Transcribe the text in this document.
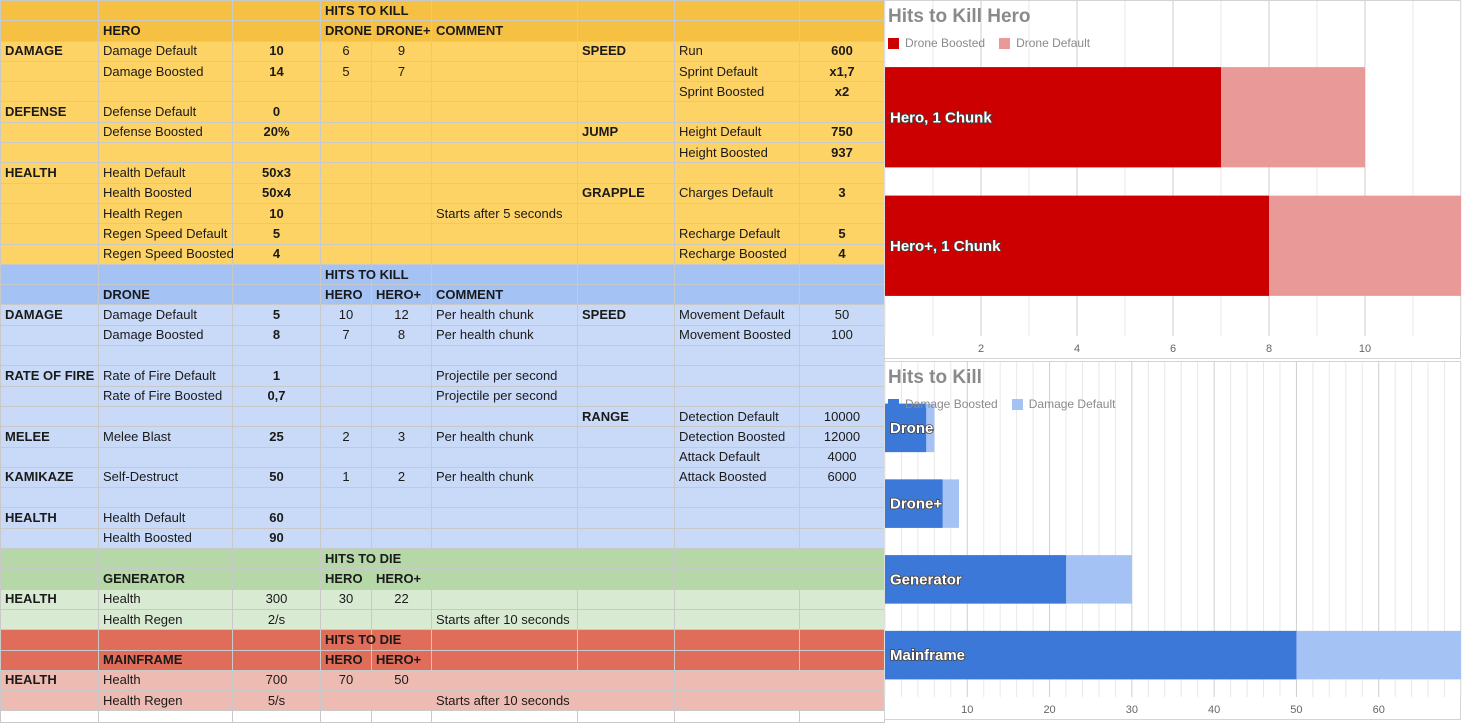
			HITS TO KILL					
	HERO		DRONE	DRONE+	COMMENT			
DAMAGE	Damage Default	10	6	9		SPEED	Run	600
	Damage Boosted	14	5	7			Sprint Default	x1,7
							Sprint Boosted	x2
DEFENSE	Defense Default	0						
	Defense Boosted	20%				JUMP	Height Default	750
							Height Boosted	937
HEALTH	Health Default	50x3						
	Health Boosted	50x4				GRAPPLE	Charges Default	3
	Health Regen	10			Starts after 5 seconds			
	Regen Speed Default	5					Recharge Default	5
	Regen Speed Boosted	4					Recharge Boosted	4
			HITS TO KILL					
	DRONE		HERO	HERO+	COMMENT			
DAMAGE	Damage Default	5	10	12	Per health chunk	SPEED	Movement Default	50
	Damage Boosted	8	7	8	Per health chunk		Movement Boosted	100

RATE OF FIRE	Rate of Fire Default	1			Projectile per second			
	Rate of Fire Boosted	0,7			Projectile per second			
						RANGE	Detection Default	10000
MELEE	Melee Blast	25	2	3	Per health chunk		Detection Boosted	12000
							Attack Default	4000
KAMIKAZE	Self-Destruct	50	1	2	Per health chunk		Attack Boosted	6000

HEALTH	Health Default	60						
	Health Boosted	90						
			HITS TO DIE					
	GENERATOR		HERO	HERO+				
HEALTH	Health	300	30	22				
	Health Regen	2/s			Starts after 10 seconds			
			HITS TO DIE					
	MAINFRAME		HERO	HERO+				
HEALTH	Health	700	70	50				
	Health Regen	5/s			Starts after 10 seconds			

Hero, 1 Chunk
Hero+, 1 Chunk
2	4	6	8	10
Hits to Kill Hero
Drone Boosted	Drone Default
Drone
Drone+
Generator
Mainframe
10	20	30	40	50	60
Hits to Kill
Damage Boosted	Damage Default
